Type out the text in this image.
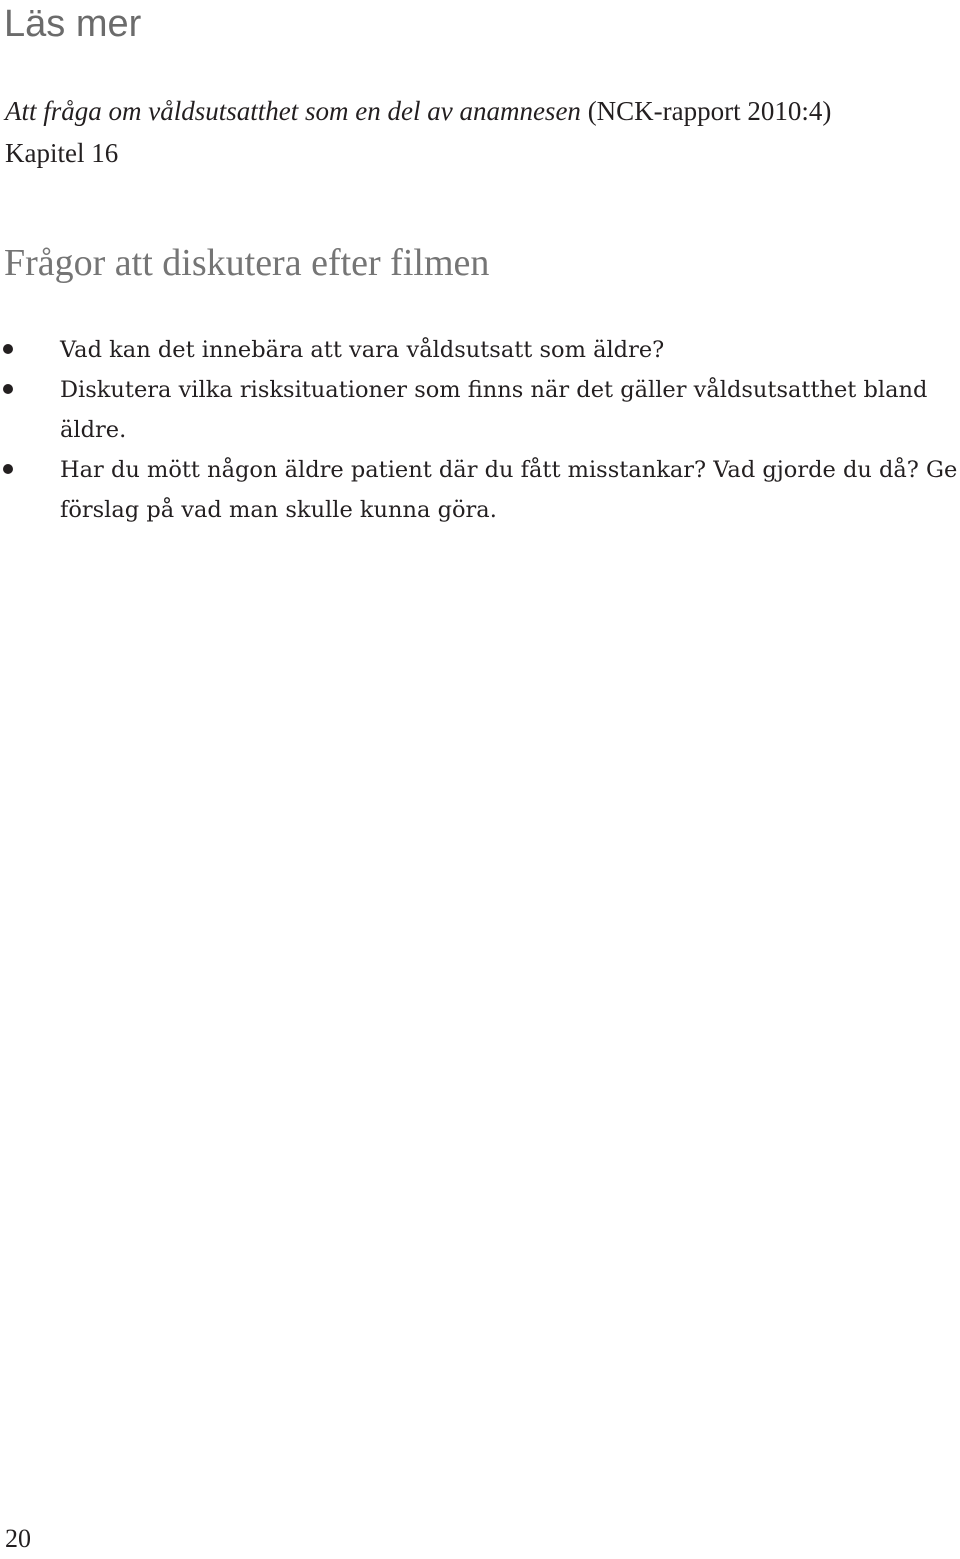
Läs mer
Att fråga om våldsutsatthet som en del av anamnesen (NCK-rapport 2010:4)
Kapitel 16
Frågor att diskutera efter filmen
Vad kan det innebära att vara våldsutsatt som äldre?
Diskutera vilka risksituationer som finns när det gäller våldsutsatthet bland äldre.
Har du mött någon äldre patient där du fått misstankar? Vad gjorde du då? Ge förslag på vad man skulle kunna göra.
20
